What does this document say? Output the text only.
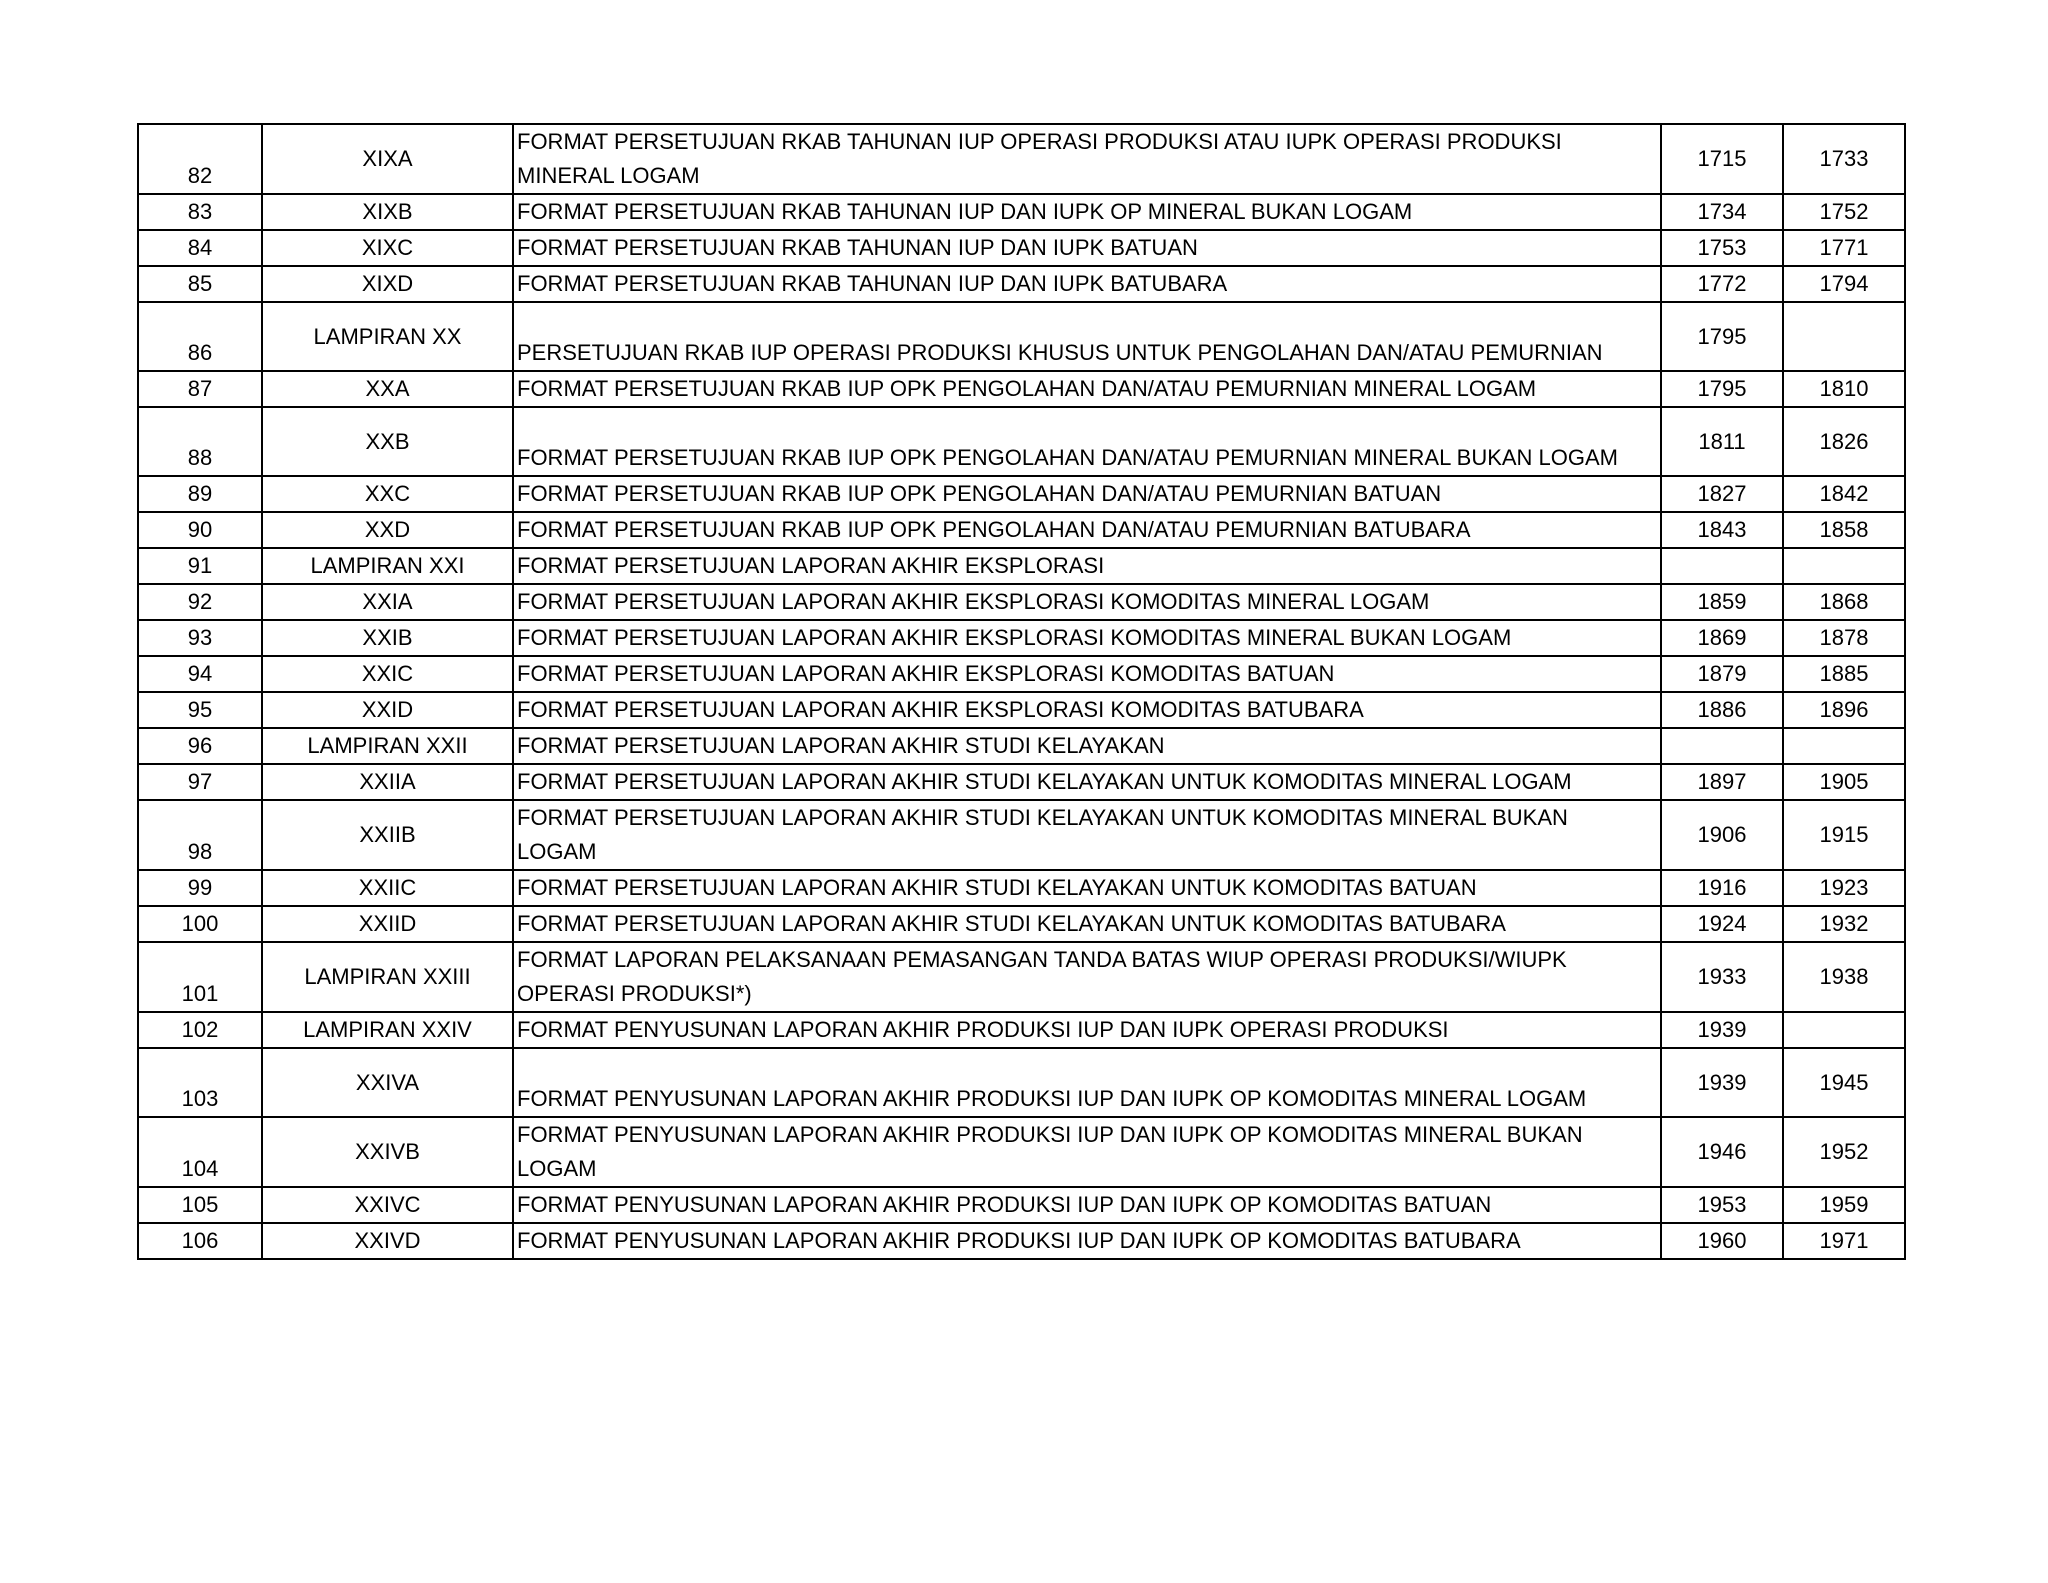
82	XIXA	FORMAT PERSETUJUAN RKAB TAHUNAN IUP OPERASI PRODUKSI ATAU IUPK OPERASI PRODUKSI
MINERAL LOGAM	1715	1733
83	XIXB	FORMAT PERSETUJUAN RKAB TAHUNAN IUP DAN IUPK OP MINERAL BUKAN LOGAM	1734	1752
84	XIXC	FORMAT PERSETUJUAN RKAB TAHUNAN IUP DAN IUPK BATUAN	1753	1771
85	XIXD	FORMAT PERSETUJUAN RKAB TAHUNAN IUP DAN IUPK BATUBARA	1772	1794
86	LAMPIRAN XX	PERSETUJUAN RKAB IUP OPERASI PRODUKSI KHUSUS UNTUK PENGOLAHAN DAN/ATAU PEMURNIAN	1795	
87	XXA	FORMAT PERSETUJUAN RKAB IUP OPK PENGOLAHAN DAN/ATAU PEMURNIAN MINERAL LOGAM	1795	1810
88	XXB	FORMAT PERSETUJUAN RKAB IUP OPK PENGOLAHAN DAN/ATAU PEMURNIAN MINERAL BUKAN LOGAM	1811	1826
89	XXC	FORMAT PERSETUJUAN RKAB IUP OPK PENGOLAHAN DAN/ATAU PEMURNIAN BATUAN	1827	1842
90	XXD	FORMAT PERSETUJUAN RKAB IUP OPK PENGOLAHAN DAN/ATAU PEMURNIAN BATUBARA	1843	1858
91	LAMPIRAN XXI	FORMAT PERSETUJUAN LAPORAN AKHIR EKSPLORASI		
92	XXIA	FORMAT PERSETUJUAN LAPORAN AKHIR EKSPLORASI KOMODITAS MINERAL LOGAM	1859	1868
93	XXIB	FORMAT PERSETUJUAN LAPORAN AKHIR EKSPLORASI KOMODITAS MINERAL BUKAN LOGAM	1869	1878
94	XXIC	FORMAT PERSETUJUAN LAPORAN AKHIR EKSPLORASI KOMODITAS BATUAN	1879	1885
95	XXID	FORMAT PERSETUJUAN LAPORAN AKHIR EKSPLORASI KOMODITAS BATUBARA	1886	1896
96	LAMPIRAN XXII	FORMAT PERSETUJUAN LAPORAN AKHIR STUDI KELAYAKAN		
97	XXIIA	FORMAT PERSETUJUAN LAPORAN AKHIR STUDI KELAYAKAN UNTUK KOMODITAS MINERAL LOGAM	1897	1905
98	XXIIB	FORMAT PERSETUJUAN LAPORAN AKHIR STUDI KELAYAKAN UNTUK KOMODITAS MINERAL BUKAN
LOGAM	1906	1915
99	XXIIC	FORMAT PERSETUJUAN LAPORAN AKHIR STUDI KELAYAKAN UNTUK KOMODITAS BATUAN	1916	1923
100	XXIID	FORMAT PERSETUJUAN LAPORAN AKHIR STUDI KELAYAKAN UNTUK KOMODITAS BATUBARA	1924	1932
101	LAMPIRAN XXIII	FORMAT LAPORAN PELAKSANAAN PEMASANGAN TANDA BATAS WIUP OPERASI PRODUKSI/WIUPK
OPERASI PRODUKSI*)	1933	1938
102	LAMPIRAN XXIV	FORMAT PENYUSUNAN LAPORAN AKHIR PRODUKSI IUP DAN IUPK OPERASI PRODUKSI	1939	
103	XXIVA	FORMAT PENYUSUNAN LAPORAN AKHIR PRODUKSI IUP DAN IUPK OP KOMODITAS MINERAL LOGAM	1939	1945
104	XXIVB	FORMAT PENYUSUNAN LAPORAN AKHIR PRODUKSI IUP DAN IUPK OP KOMODITAS MINERAL BUKAN
LOGAM	1946	1952
105	XXIVC	FORMAT PENYUSUNAN LAPORAN AKHIR PRODUKSI IUP DAN IUPK OP KOMODITAS BATUAN	1953	1959
106	XXIVD	FORMAT PENYUSUNAN LAPORAN AKHIR PRODUKSI IUP DAN IUPK OP KOMODITAS BATUBARA	1960	1971
